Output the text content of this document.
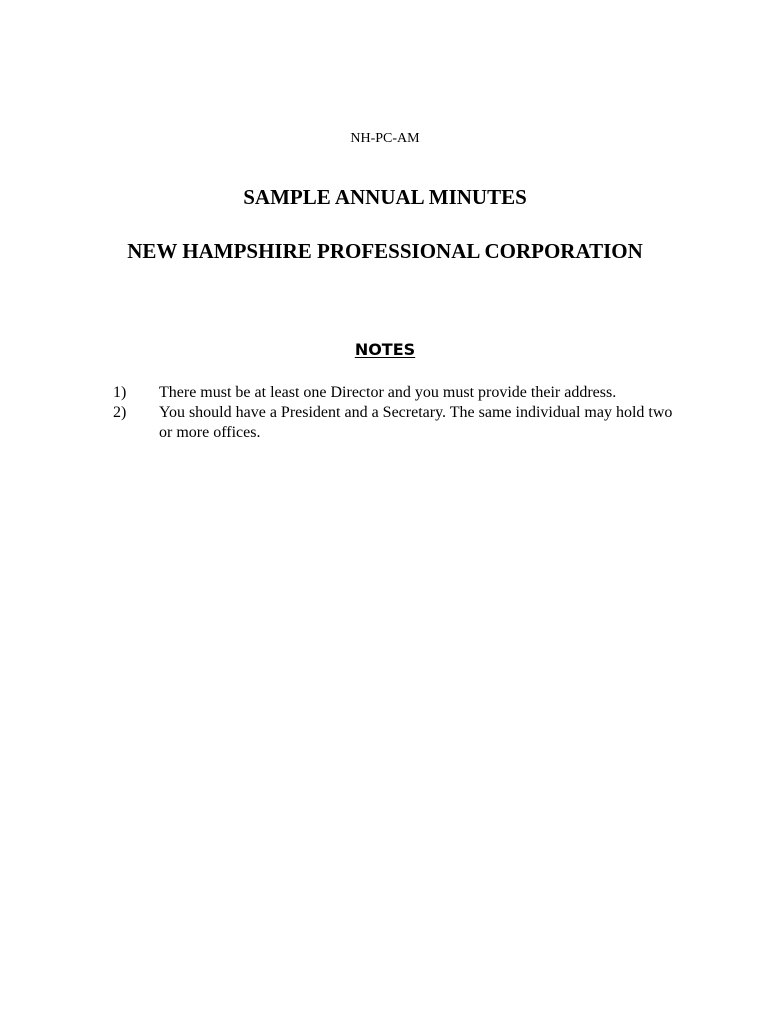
NH-PC-AM
SAMPLE ANNUAL MINUTES
NEW HAMPSHIRE PROFESSIONAL CORPORATION
NOTES
1) There must be at least one Director and you must provide their address.
2) You should have a President and a Secretary. The same individual may hold two or more offices.
